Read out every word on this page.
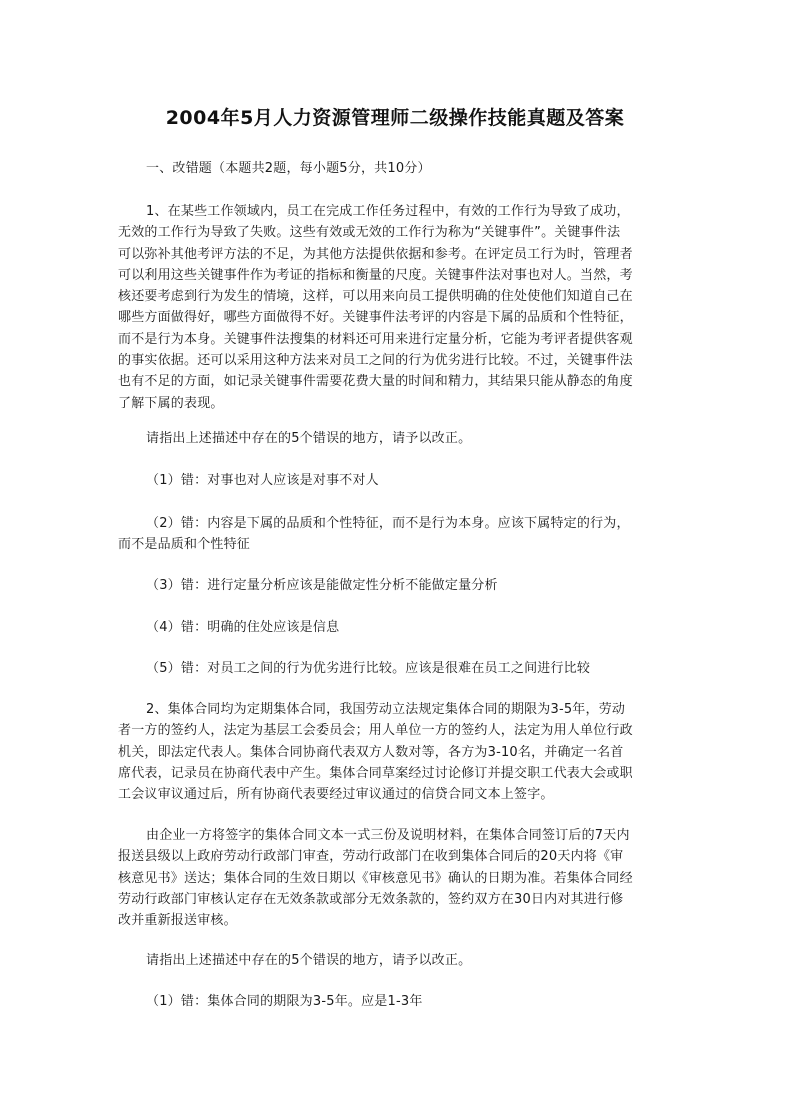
2004年5月人力资源管理师二级操作技能真题及答案

一、改错题（本题共2题，每小题5分，共10分）

1、在某些工作领域内，员工在完成工作任务过程中，有效的工作行为导致了成功，
无效的工作行为导致了失败。这些有效或无效的工作行为称为“关键事件”。关键事件法
可以弥补其他考评方法的不足，为其他方法提供依据和参考。在评定员工行为时，管理者
可以利用这些关键事件作为考证的指标和衡量的尺度。关键事件法对事也对人。当然，考
核还要考虑到行为发生的情境，这样，可以用来向员工提供明确的住处使他们知道自己在
哪些方面做得好，哪些方面做得不好。关键事件法考评的内容是下属的品质和个性特征，
而不是行为本身。关键事件法搜集的材料还可用来进行定量分析，它能为考评者提供客观
的事实依据。还可以采用这种方法来对员工之间的行为优劣进行比较。不过，关键事件法
也有不足的方面，如记录关键事件需要花费大量的时间和精力，其结果只能从静态的角度
了解下属的表现。

请指出上述描述中存在的5个错误的地方，请予以改正。

（1）错：对事也对人应该是对事不对人

（2）错：内容是下属的品质和个性特征，而不是行为本身。应该下属特定的行为，
而不是品质和个性特征

（3）错：进行定量分析应该是能做定性分析不能做定量分析

（4）错：明确的住处应该是信息

（5）错：对员工之间的行为优劣进行比较。应该是很难在员工之间进行比较

2、集体合同均为定期集体合同，我国劳动立法规定集体合同的期限为3-5年，劳动
者一方的签约人，法定为基层工会委员会；用人单位一方的签约人，法定为用人单位行政
机关，即法定代表人。集体合同协商代表双方人数对等，各方为3-10名，并确定一名首
席代表，记录员在协商代表中产生。集体合同草案经过讨论修订并提交职工代表大会或职
工会议审议通过后，所有协商代表要经过审议通过的信贷合同文本上签字。

由企业一方将签字的集体合同文本一式三份及说明材料，在集体合同签订后的7天内
报送县级以上政府劳动行政部门审查，劳动行政部门在收到集体合同后的20天内将《审
核意见书》送达；集体合同的生效日期以《审核意见书》确认的日期为准。若集体合同经
劳动行政部门审核认定存在无效条款或部分无效条款的，签约双方在30日内对其进行修
改并重新报送审核。

请指出上述描述中存在的5个错误的地方，请予以改正。

（1）错：集体合同的期限为3-5年。应是1-3年
